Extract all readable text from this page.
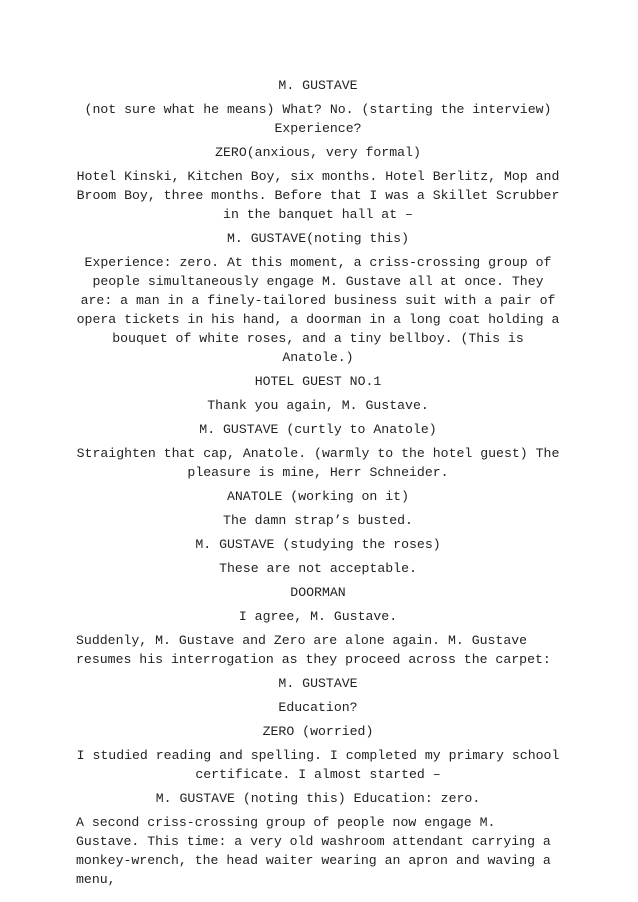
M. GUSTAVE

(not sure what he means) What? No. (starting the interview) Experience?

ZERO(anxious, very formal)

Hotel Kinski, Kitchen Boy, six months. Hotel Berlitz, Mop and Broom Boy, three months. Before that I was a Skillet Scrubber in the banquet hall at –

M. GUSTAVE(noting this)

Experience: zero. At this moment, a criss-crossing group of people simultaneously engage M. Gustave all at once. They are: a man in a finely-tailored business suit with a pair of opera tickets in his hand, a doorman in a long coat holding a bouquet of white roses, and a tiny bellboy. (This is Anatole.)

HOTEL GUEST NO.1

Thank you again, M. Gustave.

M. GUSTAVE (curtly to Anatole)

Straighten that cap, Anatole. (warmly to the hotel guest) The pleasure is mine, Herr Schneider.

ANATOLE (working on it)

The damn strap’s busted.

M. GUSTAVE (studying the roses)

These are not acceptable.

DOORMAN

I agree, M. Gustave.

Suddenly, M. Gustave and Zero are alone again. M. Gustave resumes his interrogation as they proceed across the carpet:

M. GUSTAVE

Education?

ZERO (worried)

I studied reading and spelling. I completed my primary school certificate. I almost started –

M. GUSTAVE (noting this) Education: zero.

A second criss-crossing group of people now engage M. Gustave. This time: a very old washroom attendant carrying a monkey-wrench, the head waiter wearing an apron and waving a menu,
